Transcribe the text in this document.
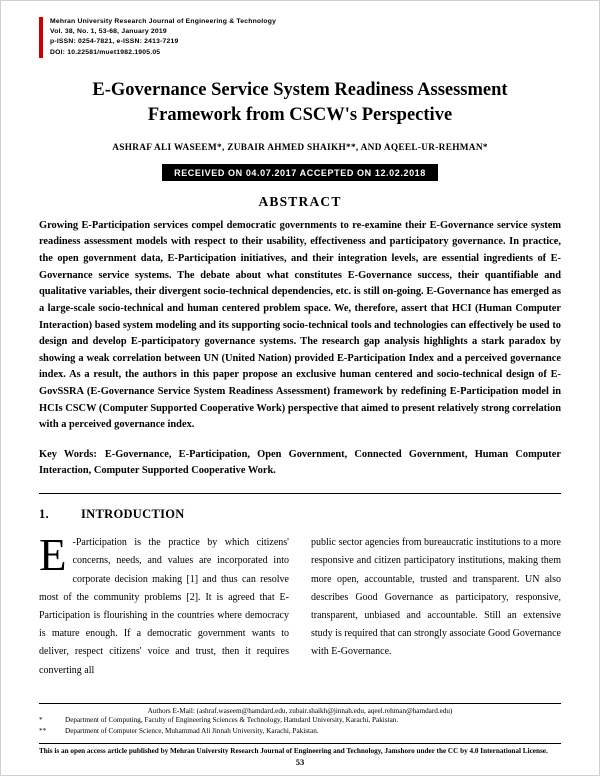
Mehran University Research Journal of Engineering & Technology
Vol. 38, No. 1, 53-68, January 2019
p-ISSN: 0254-7821, e-ISSN: 2413-7219
DOI: 10.22581/muet1982.1905.05
E-Governance Service System Readiness Assessment Framework from CSCW's Perspective
ASHRAF ALI WASEEM*, ZUBAIR AHMED SHAIKH**, AND AQEEL-UR-REHMAN*
RECEIVED ON 04.07.2017 ACCEPTED ON 12.02.2018
ABSTRACT

Growing E-Participation services compel democratic governments to re-examine their E-Governance service system readiness assessment models with respect to their usability, effectiveness and participatory governance. In practice, the open government data, E-Participation initiatives, and their integration levels, are essential ingredients of E-Governance service systems. The debate about what constitutes E-Governance success, their quantifiable and qualitative variables, their divergent socio-technical dependencies, etc. is still on-going. E-Governance has emerged as a large-scale socio-technical and human centered problem space. We, therefore, assert that HCI (Human Computer Interaction) based system modeling and its supporting socio-technical tools and technologies can effectively be used to design and develop E-participatory governance systems. The research gap analysis highlights a stark paradox by showing a weak correlation between UN (United Nation) provided E-Participation Index and a perceived governance index. As a result, the authors in this paper propose an exclusive human centered and socio-technical design of E-GovSSRA (E-Governance Service System Readiness Assessment) framework by redefining E-Participation model in HCIs CSCW (Computer Supported Cooperative Work) perspective that aimed to present relatively strong correlation with a perceived governance index.

Key Words: E-Governance, E-Participation, Open Government, Connected Government, Human Computer Interaction, Computer Supported Cooperative Work.

1.	INTRODUCTION

E -Participation is the practice by which citizens' concerns, needs, and values are incorporated into corporate decision making [1] and thus can resolve most of the community problems [2]. It is agreed that E-Participation is flourishing in the countries where democracy is mature enough. If a democratic government wants to deliver, respect citizens' voice and trust, then it requires converting all

public sector agencies from bureaucratic institutions to a more responsive and citizen participatory institutions, making them more open, accountable, trusted and transparent. UN also describes Good Governance as participatory, responsive, transparent, unbiased and accountable. Still an extensive study is required that can strongly associate Good Governance with E-Governance.

Authors E-Mail: (ashraf.waseem@hamdard.edu, zubair.shaikh@jinnah.edu, aqeel.rehman@hamdard.edu)
*	Department of Computing, Faculty of Engineering Sciences & Technology, Hamdard University, Karachi, Pakistan.
**	Department of Computer Science, Muhammad Ali Jinnah University, Karachi, Pakistan.
This is an open access article published by Mehran University Research Journal of Engineering and Technology, Jamshoro under the CC by 4.0 International License.
53
